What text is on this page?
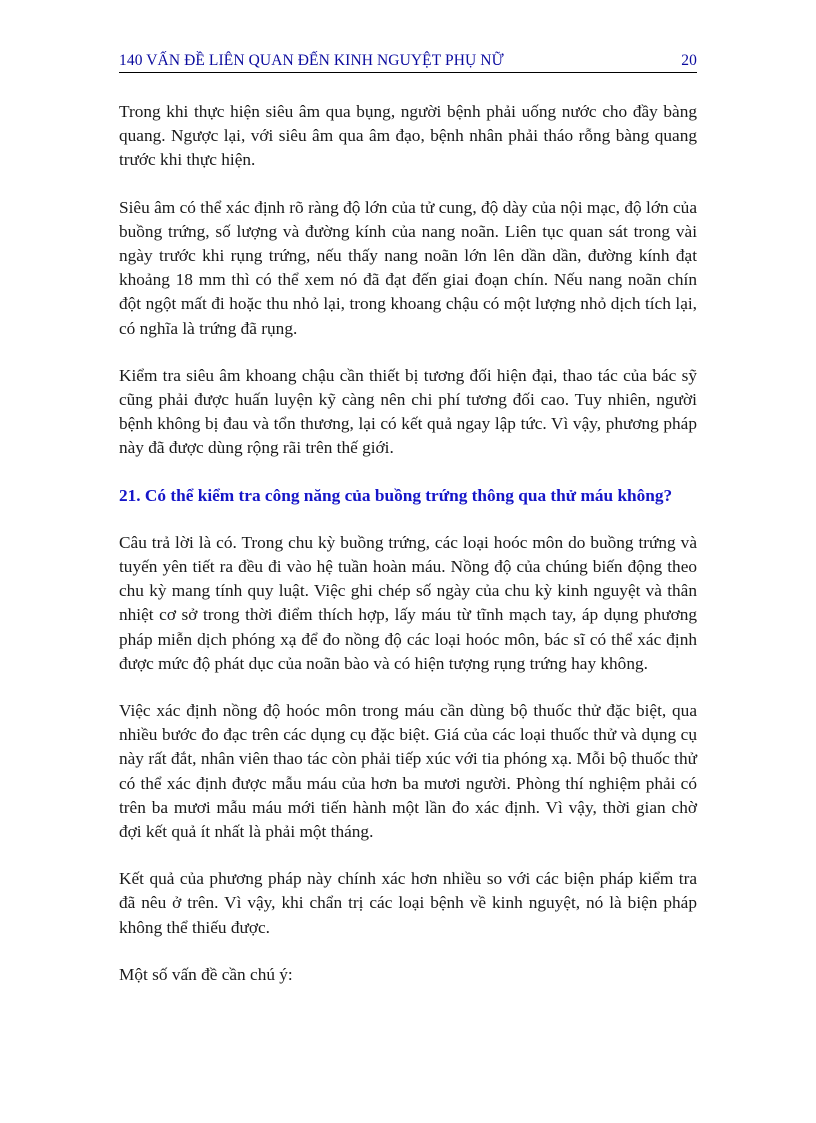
140 VẤN ĐỀ LIÊN QUAN ĐẾN KINH NGUYỆT PHỤ NỮ	20

Trong khi thực hiện siêu âm qua bụng, người bệnh phải uống nước cho đầy bàng quang. Ngược lại, với siêu âm qua âm đạo, bệnh nhân phải tháo rỗng bàng quang trước khi thực hiện.

Siêu âm có thể xác định rõ ràng độ lớn của tử cung, độ dày của nội mạc, độ lớn của buồng trứng, số lượng và đường kính của nang noãn. Liên tục quan sát trong vài ngày trước khi rụng trứng, nếu thấy nang noãn lớn lên dần dần, đường kính đạt khoảng 18 mm thì có thể xem nó đã đạt đến giai đoạn chín. Nếu nang noãn chín đột ngột mất đi hoặc thu nhỏ lại, trong khoang chậu có một lượng nhỏ dịch tích lại, có nghĩa là trứng đã rụng.

Kiểm tra siêu âm khoang chậu cần thiết bị tương đối hiện đại, thao tác của bác sỹ cũng phải được huấn luyện kỹ càng nên chi phí tương đối cao. Tuy nhiên, người bệnh không bị đau và tổn thương, lại có kết quả ngay lập tức. Vì vậy, phương pháp này đã được dùng rộng rãi trên thế giới.

21. Có thể kiểm tra công năng của buồng trứng thông qua thử máu không?

Câu trả lời là có. Trong chu kỳ buồng trứng, các loại hoóc môn do buồng trứng và tuyến yên tiết ra đều đi vào hệ tuần hoàn máu. Nồng độ của chúng biến động theo chu kỳ mang tính quy luật. Việc ghi chép số ngày của chu kỳ kinh nguyệt và thân nhiệt cơ sở trong thời điểm thích hợp, lấy máu từ tĩnh mạch tay, áp dụng phương pháp miễn dịch phóng xạ để đo nồng độ các loại hoóc môn, bác sĩ có thể xác định được mức độ phát dục của noãn bào và có hiện tượng rụng trứng hay không.

Việc xác định nồng độ hoóc môn trong máu cần dùng bộ thuốc thử đặc biệt, qua nhiều bước đo đạc trên các dụng cụ đặc biệt. Giá của các loại thuốc thử và dụng cụ này rất đắt, nhân viên thao tác còn phải tiếp xúc với tia phóng xạ. Mỗi bộ thuốc thử có thể xác định được mẫu máu của hơn ba mươi người. Phòng thí nghiệm phải có trên ba mươi mẫu máu mới tiến hành một lần đo xác định. Vì vậy, thời gian chờ đợi kết quả ít nhất là phải một tháng.

Kết quả của phương pháp này chính xác hơn nhiều so với các biện pháp kiểm tra đã nêu ở trên. Vì vậy, khi chẩn trị các loại bệnh về kinh nguyệt, nó là biện pháp không thể thiếu được.

Một số vấn đề cần chú ý:
